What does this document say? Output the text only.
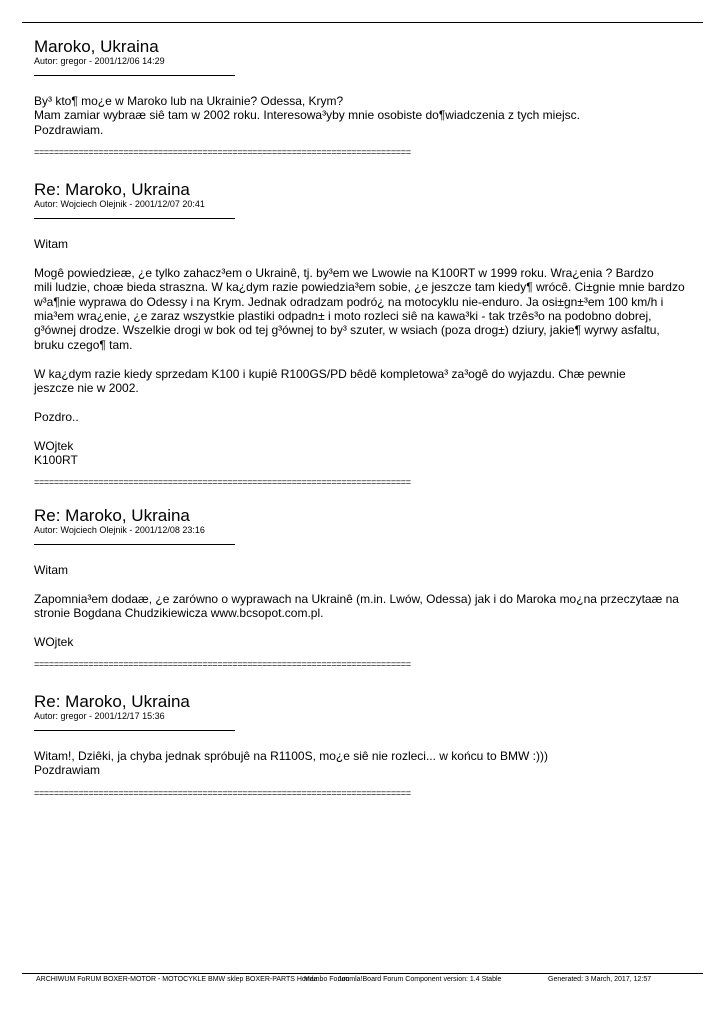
Maroko, Ukraina
Autor: gregor - 2001/12/06 14:29
By³ kto¶ mo¿e w Maroko lub na Ukrainie? Odessa, Krym?
Mam zamiar wybraæ siê tam w 2002 roku. Interesowa³yby mnie osobiste do¶wiadczenia z tych miejsc.
Pozdrawiam.
============================================================================
Re: Maroko, Ukraina
Autor: Wojciech Olejnik - 2001/12/07 20:41
Witam
Mogê powiedzieæ, ¿e tylko zahacz³em o Ukrainê, tj. by³em we Lwowie na K100RT w 1999 roku. Wra¿enia ? Bardzo
mili ludzie, choæ bieda straszna. W ka¿dym razie powiedzia³em sobie, ¿e jeszcze tam kiedy¶ wrócê. Ci±gnie mnie bardzo
w³a¶nie wyprawa do Odessy i na Krym. Jednak odradzam podró¿ na motocyklu nie-enduro. Ja osi±gn±³em 100 km/h i
mia³em wra¿enie, ¿e zaraz wszystkie plastiki odpadn± i moto rozleci siê na kawa³ki - tak trzês³o na podobno dobrej,
g³ównej drodze. Wszelkie drogi w bok od tej g³ównej to by³ szuter, w wsiach (poza drog±) dziury, jakie¶ wyrwy asfaltu,
bruku czego¶ tam.
W ka¿dym razie kiedy sprzedam K100 i kupiê R100GS/PD bêdê kompletowa³ za³ogê do wyjazdu. Chæ pewnie
jeszcze nie w 2002.
Pozdro..
WOjtek
K100RT
============================================================================
Re: Maroko, Ukraina
Autor: Wojciech Olejnik - 2001/12/08 23:16
Witam
Zapomnia³em dodaæ, ¿e zarówno o wyprawach na Ukrainê (m.in. Lwów, Odessa) jak i do Maroka mo¿na przeczytaæ na
stronie Bogdana Chudzikiewicza www.bcsopot.com.pl.
WOjtek
============================================================================
Re: Maroko, Ukraina
Autor: gregor - 2001/12/17 15:36
Witam!, Dziêki, ja chyba jednak spróbujê na R1100S, mo¿e siê nie rozleci... w końcu to BMW :)))
Pozdrawiam
============================================================================
ARCHIWUM FoRUM BOXER-MOTOR - MOTOCYKLE BMW sklep BOXER-PARTS Honda
Mambo Forum
Joomla!Board Forum Component version: 1.4 Stable	Generated: 3 March, 2017, 12:57
